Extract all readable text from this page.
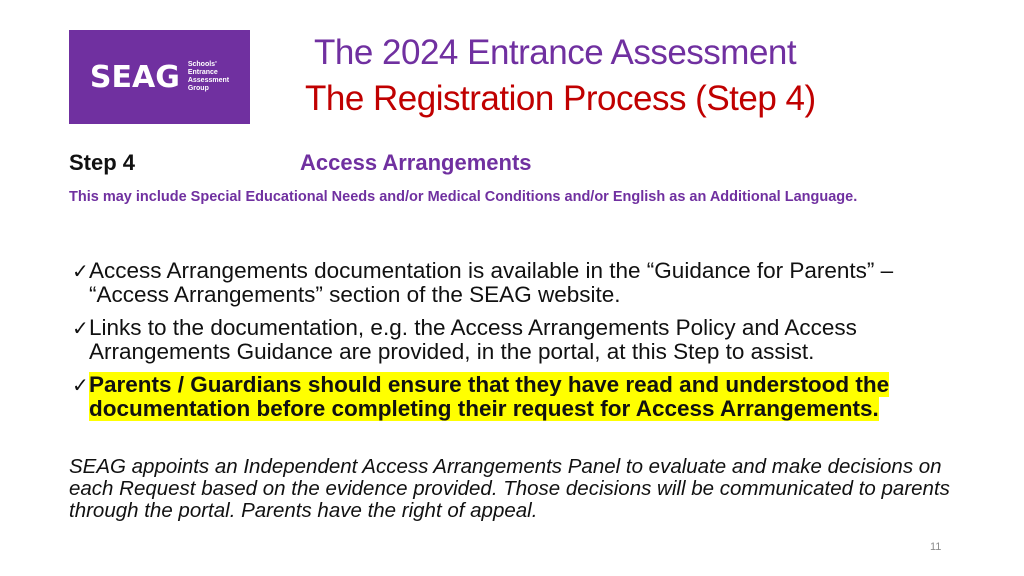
SEAG Schools'
Entrance
Assessment
Group
The 2024 Entrance Assessment
The Registration Process (Step 4)
Step 4	Access Arrangements
This may include Special Educational Needs and/or Medical Conditions and/or English as an Additional Language.
✓ Access Arrangements documentation is available in the “Guidance for Parents” – “Access Arrangements” section of the SEAG website.
✓ Links to the documentation, e.g. the Access Arrangements Policy and Access Arrangements Guidance are provided, in the portal, at this Step to assist.
✓ Parents / Guardians should ensure that they have read and understood the documentation before completing their request for Access Arrangements.
SEAG appoints an Independent Access Arrangements Panel to evaluate and make decisions on each Request based on the evidence provided. Those decisions will be communicated to parents through the portal. Parents have the right of appeal.
11
